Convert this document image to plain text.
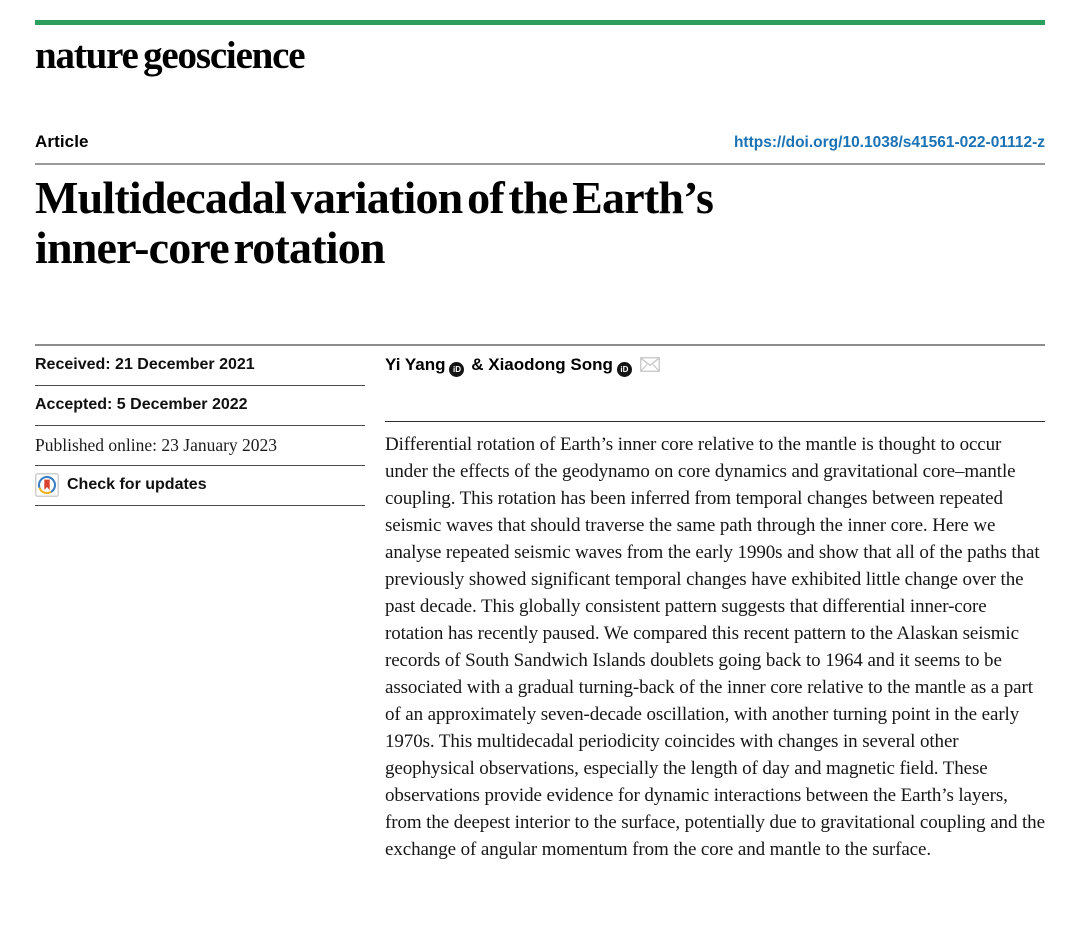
nature geoscience
Article	https://doi.org/10.1038/s41561-022-01112-z
Multidecadal variation of the Earth’s
inner-core rotation
Received: 21 December 2021
Accepted: 5 December 2022
Published online: 23 January 2023
Check for updates
Yi Yang iD & Xiaodong Song iD

Differential rotation of Earth’s inner core relative to the mantle is thought to occur under the effects of the geodynamo on core dynamics and gravitational core–mantle coupling. This rotation has been inferred from temporal changes between repeated seismic waves that should traverse the same path through the inner core. Here we analyse repeated seismic waves from the early 1990s and show that all of the paths that previously showed significant temporal changes have exhibited little change over the past decade. This globally consistent pattern suggests that differential inner-core rotation has recently paused. We compared this recent pattern to the Alaskan seismic records of South Sandwich Islands doublets going back to 1964 and it seems to be associated with a gradual turning-back of the inner core relative to the mantle as a part of an approximately seven-decade oscillation, with another turning point in the early 1970s. This multidecadal periodicity coincides with changes in several other geophysical observations, especially the length of day and magnetic field. These observations provide evidence for dynamic interactions between the Earth’s layers, from the deepest interior to the surface, potentially due to gravitational coupling and the exchange of angular momentum from the core and mantle to the surface.
